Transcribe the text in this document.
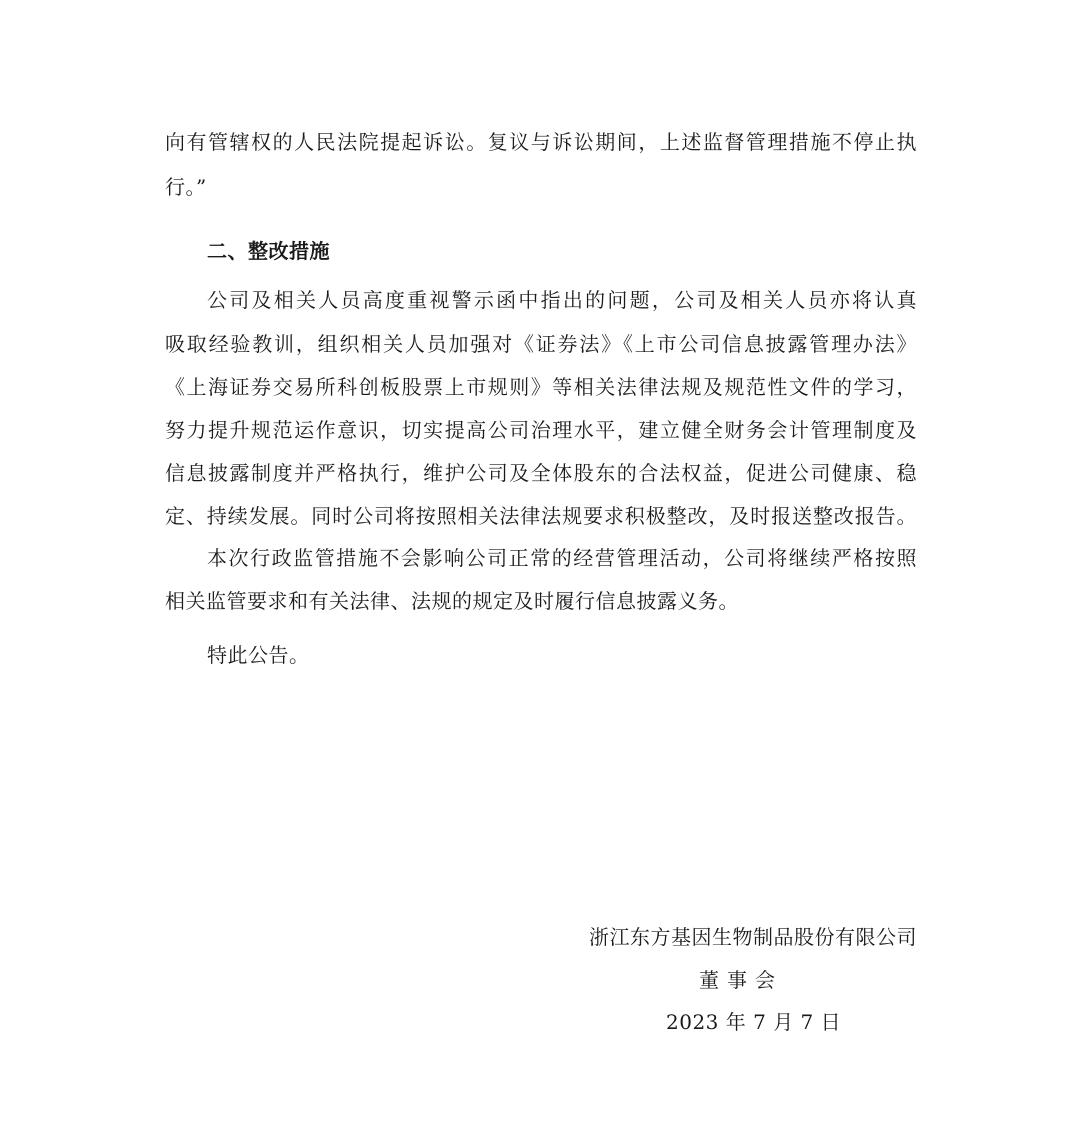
向有管辖权的人民法院提起诉讼。复议与诉讼期间，上述监督管理措施不停止执
行。”
二、整改措施
公司及相关人员高度重视警示函中指出的问题，公司及相关人员亦将认真
吸取经验教训，组织相关人员加强对《证券法》《上市公司信息披露管理办法》
《上海证券交易所科创板股票上市规则》等相关法律法规及规范性文件的学习，
努力提升规范运作意识，切实提高公司治理水平，建立健全财务会计管理制度及
信息披露制度并严格执行，维护公司及全体股东的合法权益，促进公司健康、稳
定、持续发展。同时公司将按照相关法律法规要求积极整改，及时报送整改报告。
本次行政监管措施不会影响公司正常的经营管理活动，公司将继续严格按照
相关监管要求和有关法律、法规的规定及时履行信息披露义务。
特此公告。
浙江东方基因生物制品股份有限公司
董事会
2023 年 7 月 7 日
